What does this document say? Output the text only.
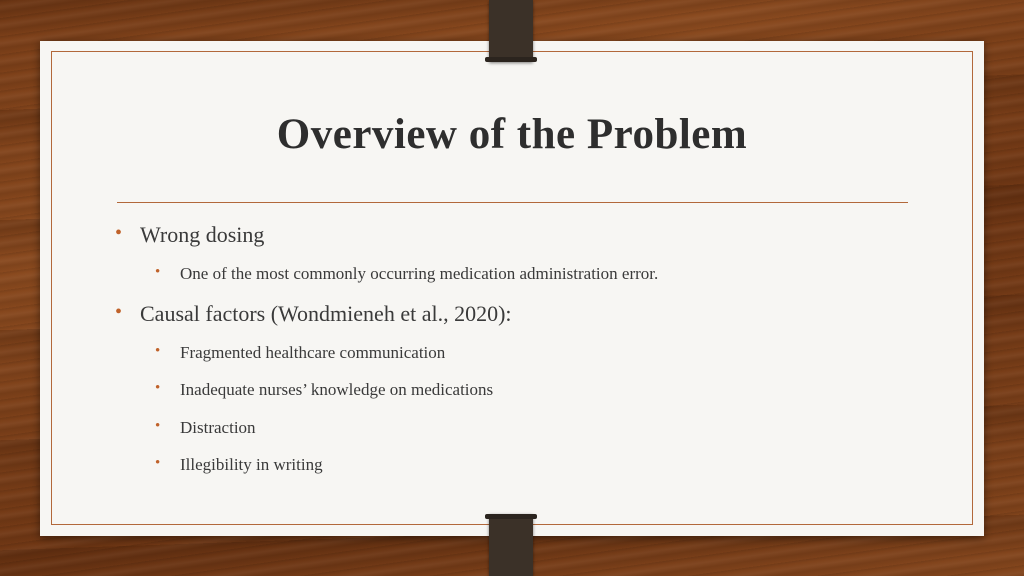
Overview of the Problem
• Wrong dosing
• One of the most commonly occurring medication administration error.
• Causal factors (Wondmieneh et al., 2020):
• Fragmented healthcare communication
• Inadequate nurses’ knowledge on medications
• Distraction
• Illegibility in writing
